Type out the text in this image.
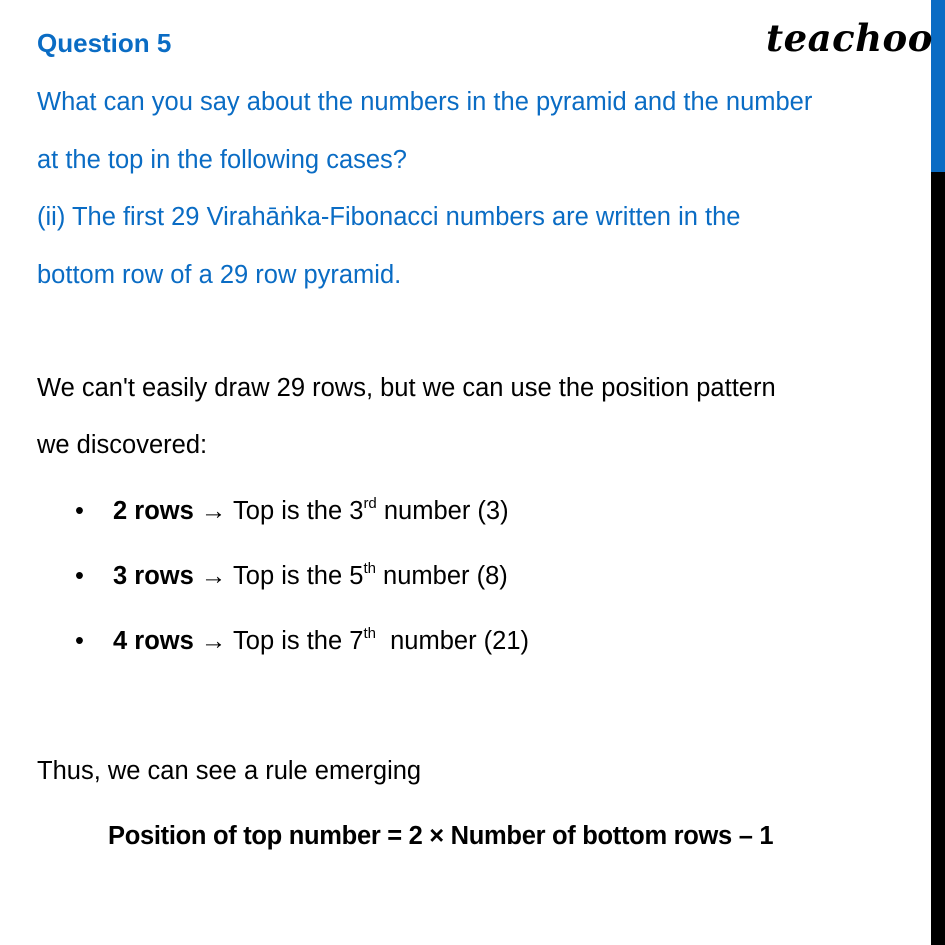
teachoo
Question 5
What can you say about the numbers in the pyramid and the number
at the top in the following cases?
(ii) The first 29 Virahāṅka-Fibonacci numbers are written in the
bottom row of a 29 row pyramid.
We can't easily draw 29 rows, but we can use the position pattern
we discovered:
• 2 rows → Top is the 3rd number (3)
• 3 rows → Top is the 5th number (8)
• 4 rows → Top is the 7th  number (21)
Thus, we can see a rule emerging
Position of top number = 2 × Number of bottom rows – 1
